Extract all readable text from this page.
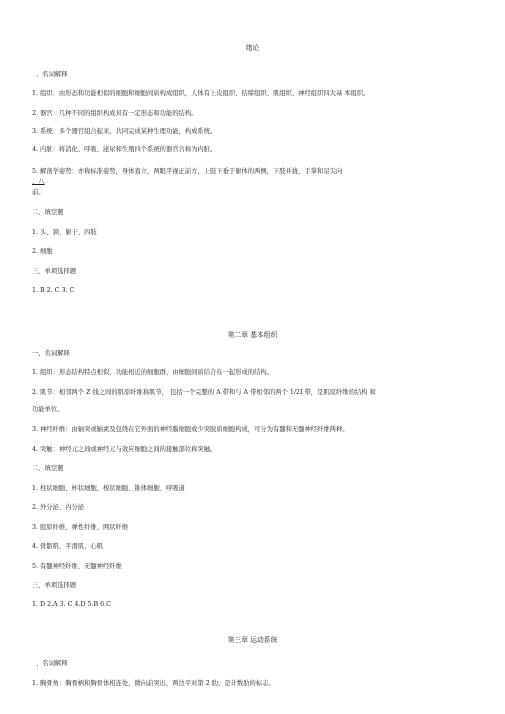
绪论
、名词解释
1. 组织：由形态和功能相似的细胞和细胞间质构成组织，人体有上皮组织、结缔组织、肌组织、神经组织四大基 本组织。
2. 器官：几种不同的组织构成具有一定形态和功能的结构。
3. 系统：多个器官组合起来，共同完成某种生理功能，构成系统。
4. 内脏：将消化、呼吸、泌尿和生殖四个系统的器官合称为内脏。
5. 解剖学姿势：亦称标准姿势，身体直立，两眼平视正前方，上肢下垂于躯体的两侧，下肢并拢，手掌和足尖向
、八
前。
二、填空题
1. 头、颈、躯干、四肢
2. 细胞
三、单项选择题
1. B 2. C 3. C
第二章 基本组织
一、名词解释
1. 组织：形态结构特点相似、功能相近的细胞群，由细胞间质结合在一起形成的结构。
2. 肌节：相邻两个 Z 线之间的肌原纤维称肌节， 包括一个完整的 A 带和与 A 带相邻的两个 1/2I 带，是肌原纤维的结构 和
功能单位。
3. 神经纤维：由轴突或轴素及包绕在它外面的神经膜细胞或少突胶质细胞构成，可分为有髓和无髓神经纤维两种。
4. 突触：神经元之间或神经元与效应细胞之间的接触部位称突触。
二、填空题
1. 柱状细胞、杯状细胞、梭状细胞、锥体细胞、呼吸道
2. 外分泌、内分泌
3. 胶原纤维、弹性纤维、网状纤维
4. 骨骼肌、平滑肌、心肌
5. 有髓神经纤维、无髓神经纤维
三、单项选择题
1. D 2.A 3. C 4.D 5.B 6.C
第三章 运动系统
、名词解释
1. 胸骨角：胸骨柄和胸骨体相连处，微向前突出，两边平对第 2 肋，是计数肋的标志。
